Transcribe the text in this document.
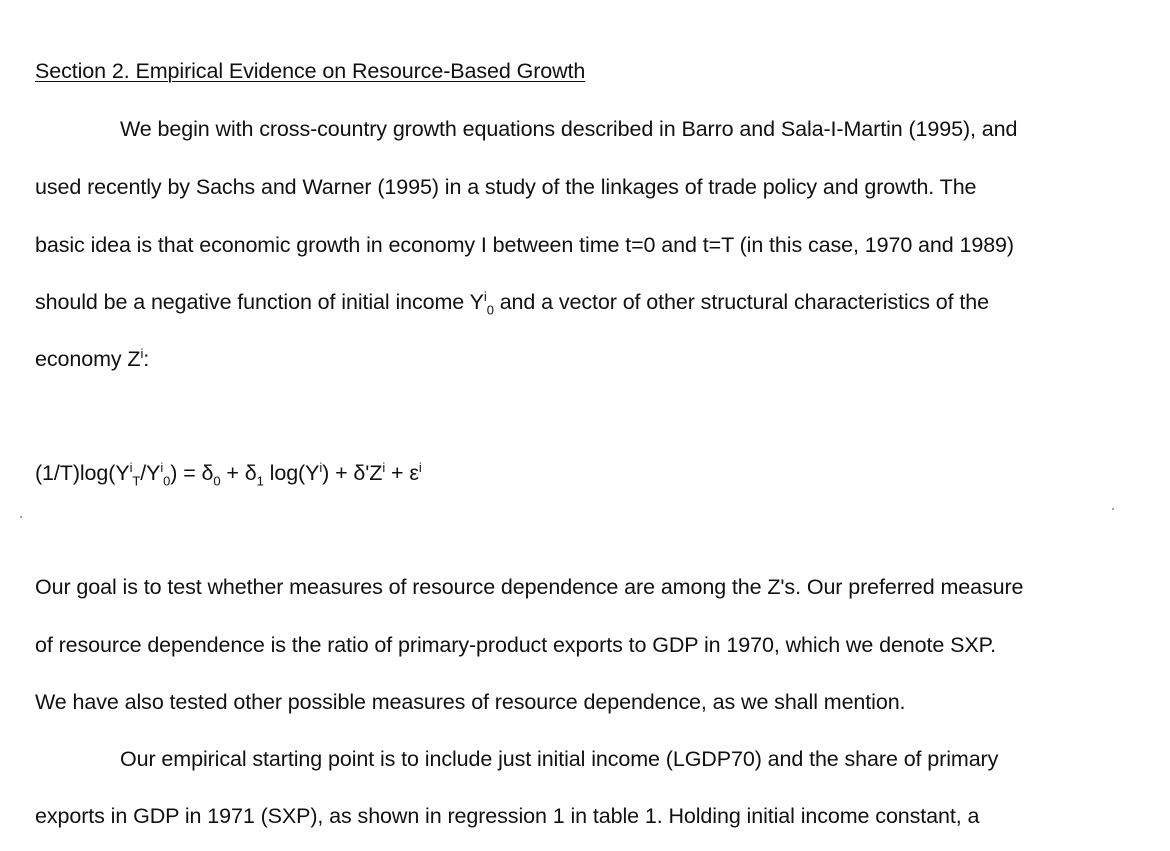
Section 2. Empirical Evidence on Resource-Based Growth
We begin with cross-country growth equations described in Barro and Sala-I-Martin (1995), and
used recently by Sachs and Warner (1995) in a study of the linkages of trade policy and growth. The
basic idea is that economic growth in economy I between time t=0 and t=T (in this case, 1970 and 1989)
should be a negative function of initial income $Y^i_0$ and a vector of other structural characteristics of the
economy $Z^i$:
$(1/T)\log(Y^i_T/Y^i_0) = \delta_0 + \delta_1$ $\log(Y^i) + \delta'Z^i + \varepsilon^i$
Our goal is to test whether measures of resource dependence are among the Z's. Our preferred measure
of resource dependence is the ratio of primary-product exports to GDP in 1970, which we denote SXP.
We have also tested other possible measures of resource dependence, as we shall mention.
Our empirical starting point is to include just initial income (LGDP70) and the share of primary
exports in GDP in 1971 (SXP), as shown in regression 1 in table 1. Holding initial income constant, a
